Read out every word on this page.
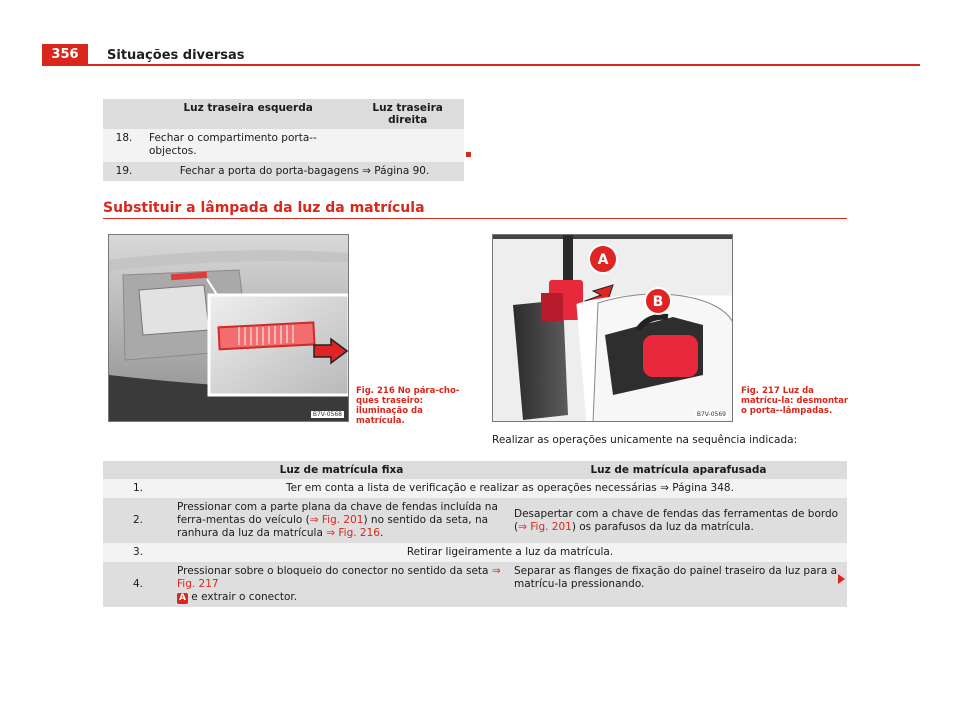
356	Situações diversas
	Luz traseira esquerda	Luz traseira direita
18.	Fechar o compartimento porta--objectos.	
19.	Fechar a porta do porta-bagagens ⇒ Página 90.	
Substituir a lâmpada da luz da matrícula
B7V-0568
Fig. 216 No pára-cho-ques traseiro: iluminação da matrícula.
A
B
B7V-0569
Fig. 217 Luz da matrícu-la: desmontar o porta--lâmpadas.
Realizar as operações unicamente na sequência indicada:
	Luz de matrícula fixa	Luz de matrícula aparafusada
1.	Ter em conta a lista de verificação e realizar as operações necessárias ⇒ Página 348.	
2.	Pressionar com a parte plana da chave de fendas incluída na ferra-mentas do veículo (⇒ Fig. 201) no sentido da seta, na ranhura da luz da matrícula ⇒ Fig. 216.	Desapertar com a chave de fendas das ferramentas de bordo (⇒ Fig. 201) os parafusos da luz da matrícula.
3.	Retirar ligeiramente a luz da matrícula.	
4.	Pressionar sobre o bloqueio do conector no sentido da seta ⇒ Fig. 217
A e extrair o conector.	Separar as flanges de fixação do painel traseiro da luz para a matrícu-la pressionando.
